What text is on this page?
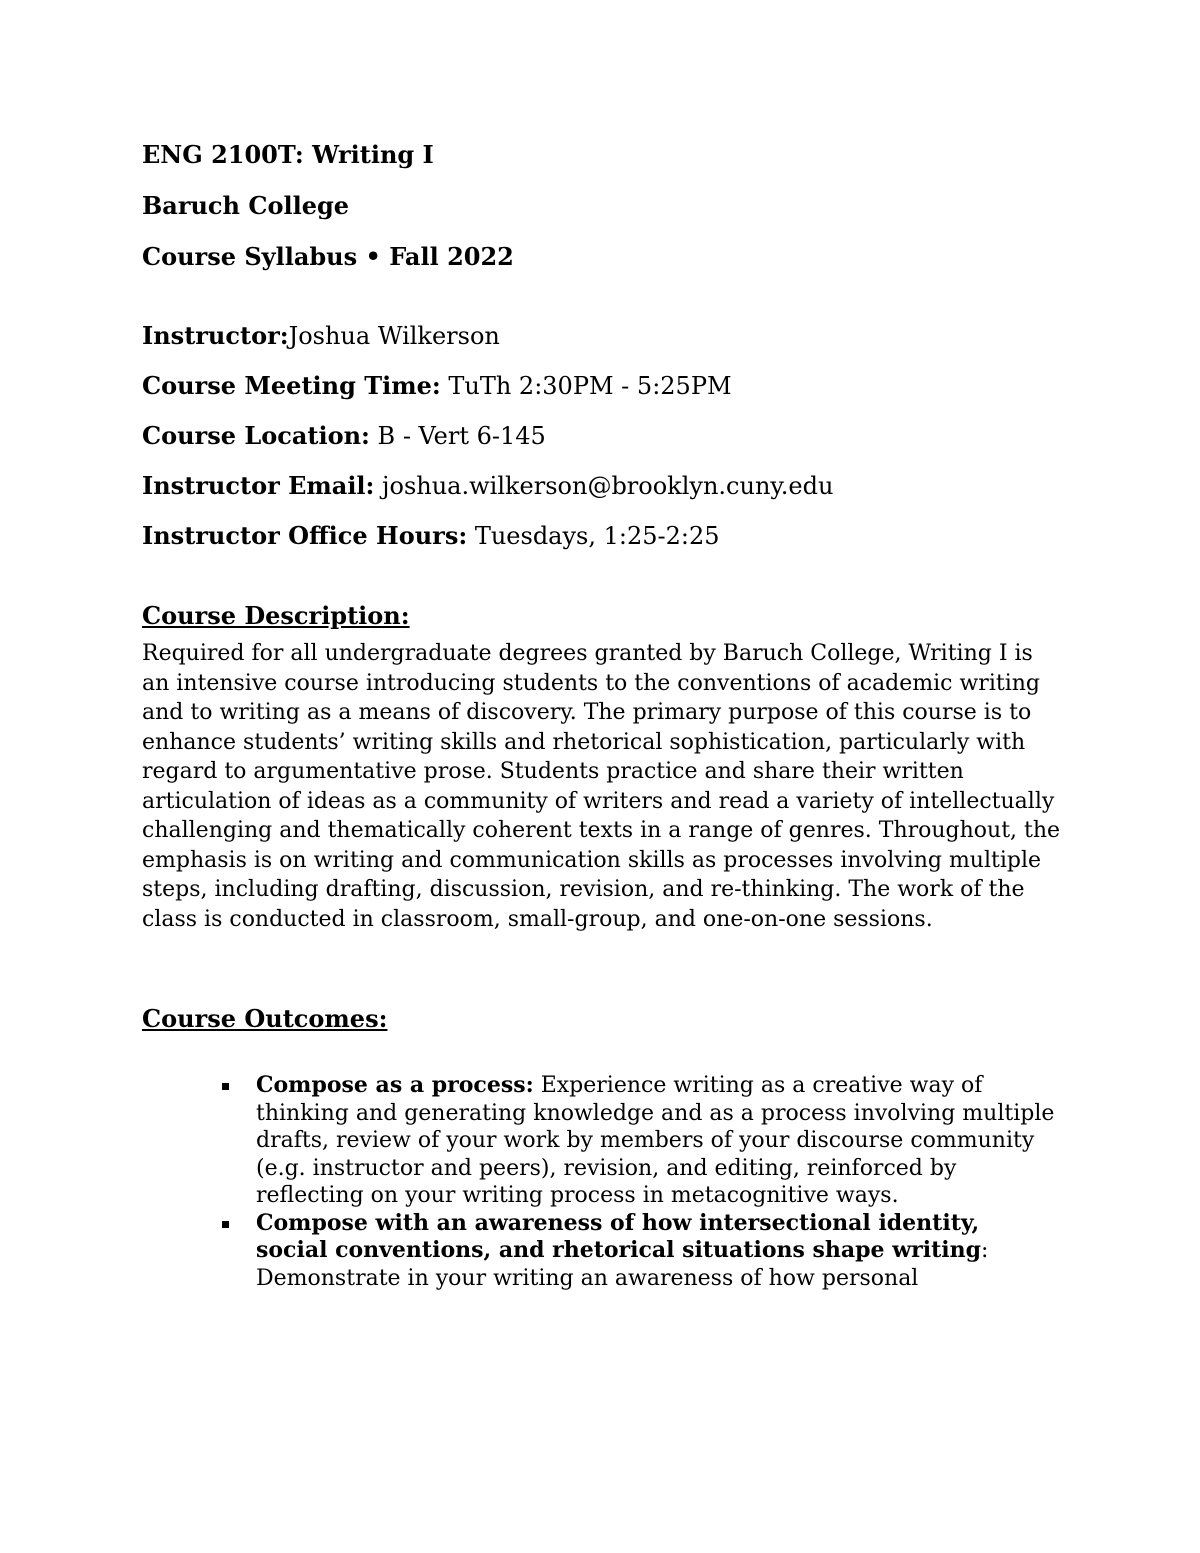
ENG 2100T: Writing I
Baruch College
Course Syllabus • Fall 2022
Instructor:Joshua Wilkerson
Course Meeting Time: TuTh 2:30PM - 5:25PM
Course Location: B - Vert 6-145
Instructor Email: joshua.wilkerson@brooklyn.cuny.edu
Instructor Office Hours: Tuesdays, 1:25-2:25
Course Description:

Required for all undergraduate degrees granted by Baruch College, Writing I is an intensive course introducing students to the conventions of academic writing and to writing as a means of discovery. The primary purpose of this course is to enhance students’ writing skills and rhetorical sophistication, particularly with regard to argumentative prose. Students practice and share their written articulation of ideas as a community of writers and read a variety of intellectually challenging and thematically coherent texts in a range of genres. Throughout, the emphasis is on writing and communication skills as processes involving multiple steps, including drafting, discussion, revision, and re-thinking. The work of the class is conducted in classroom, small-group, and one-on-one sessions.

Course Outcomes:
Compose as a process: Experience writing as a creative way of thinking and generating knowledge and as a process involving multiple drafts, review of your work by members of your discourse community (e.g. instructor and peers), revision, and editing, reinforced by reflecting on your writing process in metacognitive ways.
Compose with an awareness of how intersectional identity, social conventions, and rhetorical situations shape writing: Demonstrate in your writing an awareness of how personal
